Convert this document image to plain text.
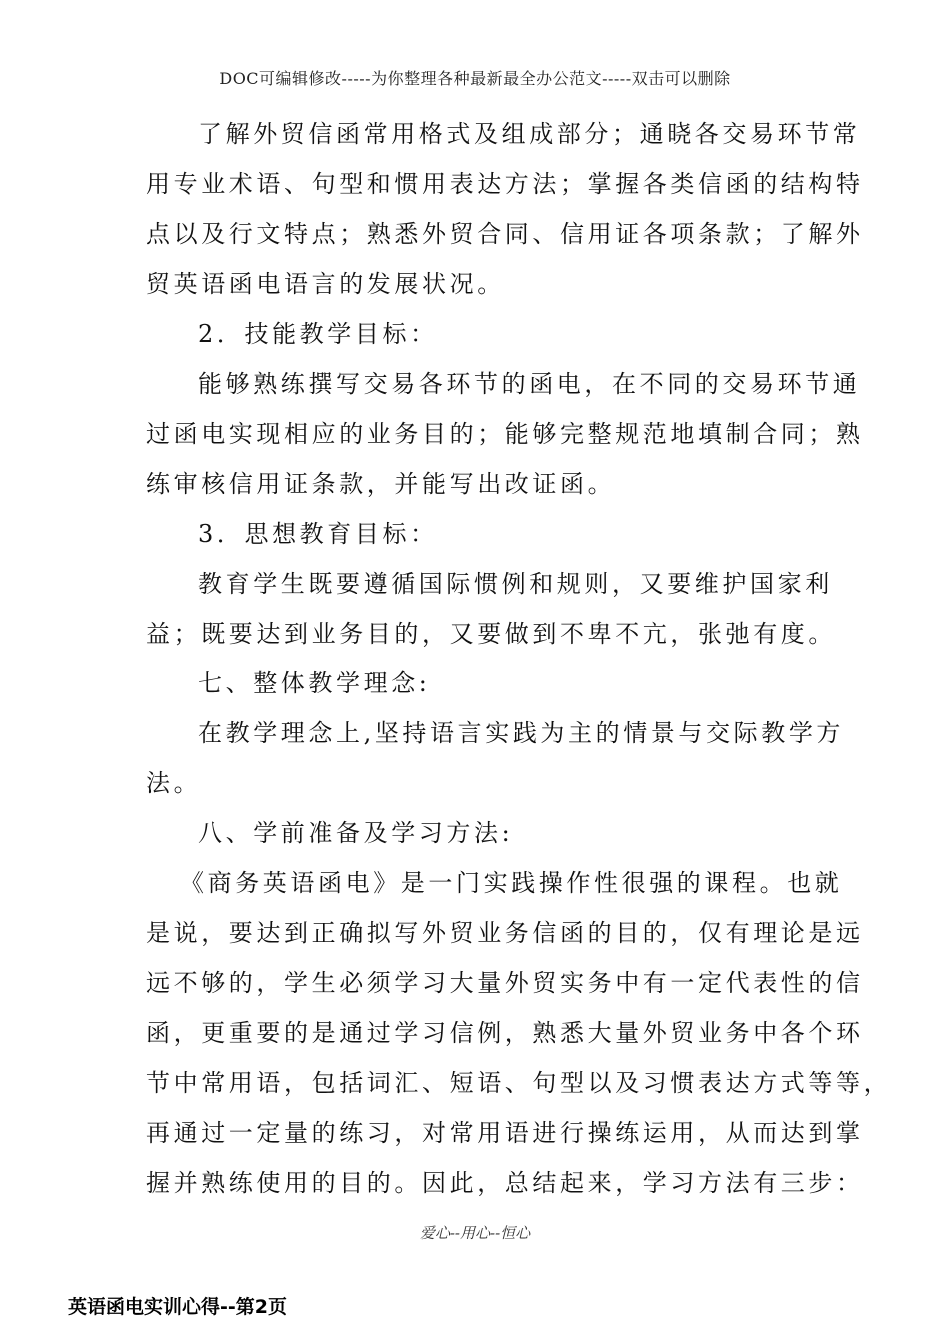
DOC可编辑修改-----为你整理各种最新最全办公范文-----双击可以删除
了解外贸信函常用格式及组成部分；通晓各交易环节常
用专业术语、句型和惯用表达方法；掌握各类信函的结构特
点以及行文特点；熟悉外贸合同、信用证各项条款；了解外
贸英语函电语言的发展状况。
2．技能教学目标：
能够熟练撰写交易各环节的函电，在不同的交易环节通
过函电实现相应的业务目的；能够完整规范地填制合同；熟
练审核信用证条款，并能写出改证函。
3．思想教育目标：
教育学生既要遵循国际惯例和规则，又要维护国家利
益；既要达到业务目的，又要做到不卑不亢，张弛有度。
七、整体教学理念:
在教学理念上,坚持语言实践为主的情景与交际教学方
法。
八、学前准备及学习方法:
《商务英语函电》是一门实践操作性很强的课程。也就
是说，要达到正确拟写外贸业务信函的目的，仅有理论是远
远不够的，学生必须学习大量外贸实务中有一定代表性的信
函，更重要的是通过学习信例，熟悉大量外贸业务中各个环
节中常用语，包括词汇、短语、句型以及习惯表达方式等等，
再通过一定量的练习，对常用语进行操练运用，从而达到掌
握并熟练使用的目的。因此，总结起来，学习方法有三步：
爱心--用心--恒心
英语函电实训心得--第2页
